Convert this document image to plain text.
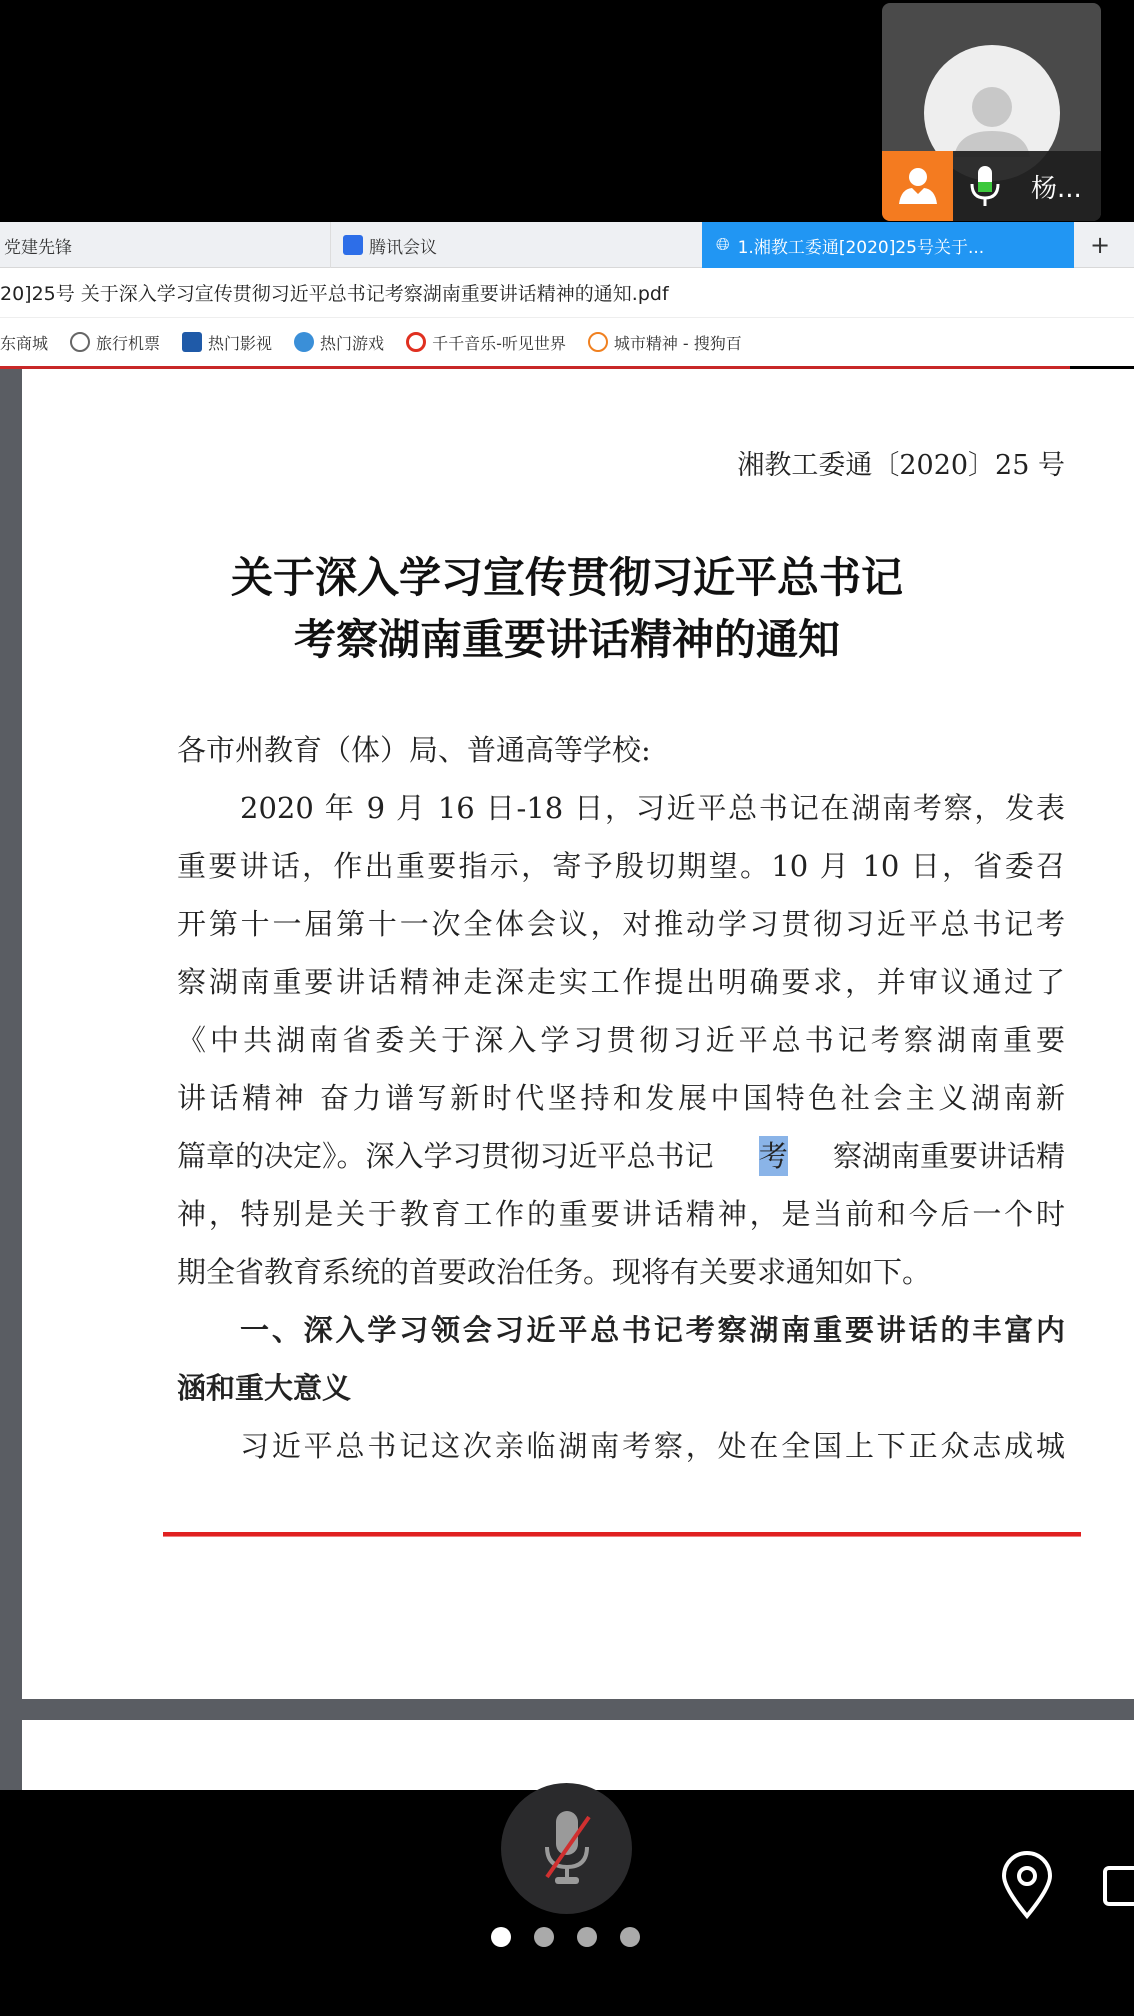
党建先锋	腾讯会议	🌐︎ 1.湘教工委通[2020]25号关于...	+
20]25号 关于深入学习宣传贯彻习近平总书记考察湖南重要讲话精神的通知.pdf
东商城	旅行机票	热门影视	热门游戏	千千音乐-听见世界	城市精神 - 搜狗百
湘教工委通〔2020〕25 号
关于深入学习宣传贯彻习近平总书记
考察湖南重要讲话精神的通知
各市州教育（体）局、普通高等学校:
2020 年 9 月 16 日-18 日，习近平总书记在湖南考察，发表
重要讲话，作出重要指示，寄予殷切期望。10 月 10 日，省委召
开第十一届第十一次全体会议，对推动学习贯彻习近平总书记考
察湖南重要讲话精神走深走实工作提出明确要求，并审议通过了
《中共湖南省委关于深入学习贯彻习近平总书记考察湖南重要
讲话精神 奋力谱写新时代坚持和发展中国特色社会主义湖南新
篇章的决定》。深入学习贯彻习近平总书记 考 察湖南重要讲话精
神，特别是关于教育工作的重要讲话精神，是当前和今后一个时
期全省教育系统的首要政治任务。现将有关要求通知如下。
一、深入学习领会习近平总书记考察湖南重要讲话的丰富内
涵和重大意义
习近平总书记这次亲临湖南考察，处在全国上下正众志成城
杨...
